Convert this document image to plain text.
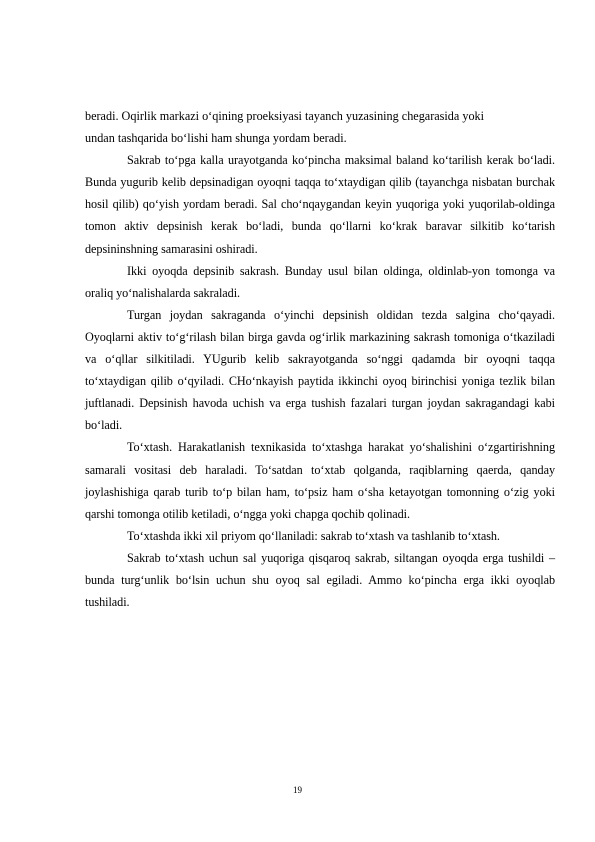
beradi. Oqirlik markazi o‘qining proeksiyasi tayanch yuzasining chegarasida yoki
undan tashqarida bo‘lishi ham shunga yordam beradi.

Sakrab to‘pga kalla urayotganda ko‘pincha maksimal baland ko‘tarilish kerak bo‘ladi. Bunda yugurib kelib depsinadigan oyoqni taqqa to‘xtaydigan qilib (tayanchga nisbatan burchak hosil qilib) qo‘yish yordam beradi. Sal cho‘nqaygandan keyin yuqoriga yoki yuqorilab-oldinga tomon aktiv depsinish kerak bo‘ladi, bunda qo‘llarni ko‘krak baravar silkitib ko‘tarish depsininshning samarasini oshiradi.

Ikki oyoqda depsinib sakrash. Bunday usul bilan oldinga, oldinlab-yon tomonga va oraliq yo‘nalishalarda sakraladi.

Turgan joydan sakraganda o‘yinchi depsinish oldidan tezda salgina cho‘qayadi. Oyoqlarni aktiv to‘g‘rilash bilan birga gavda og‘irlik markazining sakrash tomoniga o‘tkaziladi va o‘qllar silkitiladi. YUgurib kelib sakrayotganda so‘nggi qadamda bir oyoqni taqqa to‘xtaydigan qilib o‘qyiladi. CHo‘nkayish paytida ikkinchi oyoq birinchisi yoniga tezlik bilan juftlanadi. Depsinish havoda uchish va erga tushish fazalari turgan joydan sakragandagi kabi bo‘ladi.

To‘xtash. Harakatlanish texnikasida to‘xtashga harakat yo‘shalishini o‘zgartirishning samarali vositasi deb haraladi. To‘satdan to‘xtab qolganda, raqiblarning qaerda, qanday joylashishiga qarab turib to‘p bilan ham, to‘psiz ham o‘sha ketayotgan tomonning o‘zig yoki qarshi tomonga otilib ketiladi, o‘ngga yoki chapga qochib qolinadi.

To‘xtashda ikki xil priyom qo‘llaniladi: sakrab to‘xtash va tashlanib to‘xtash.

Sakrab to‘xtash uchun sal yuqoriga qisqaroq sakrab, siltangan oyoqda erga tushildi – bunda turg‘unlik bo‘lsin uchun shu oyoq sal egiladi. Ammo ko‘pincha erga ikki oyoqlab tushiladi.

19
